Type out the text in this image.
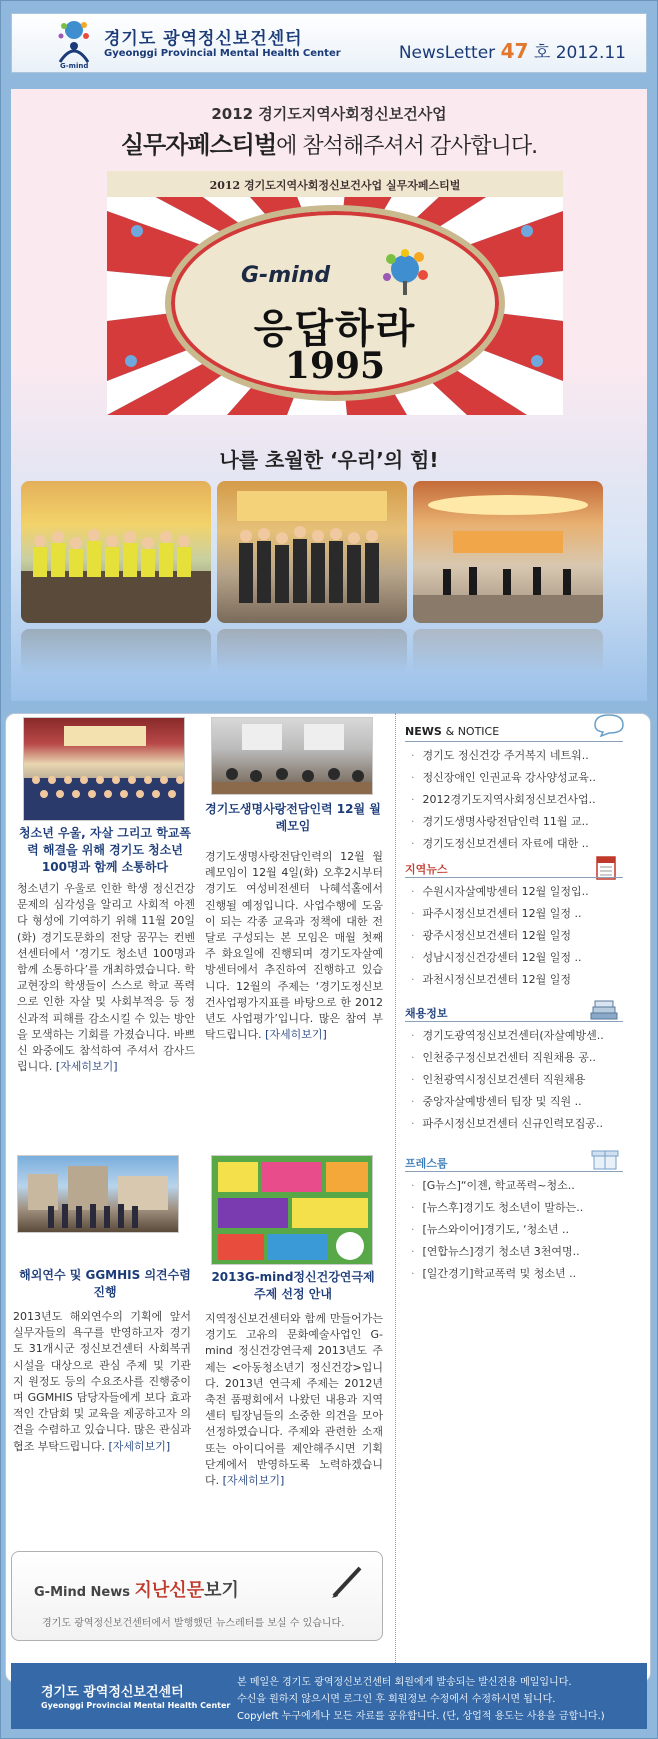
G-mind
경기도 광역정신보건센터
Gyeonggi Provincial Mental Health Center	NewsLetter 47 호 2012.11
2012 경기도지역사회정신보건사업
실무자페스티벌에 참석해주셔서 감사합니다.
2012 경기도지역사회정신보건사업 실무자페스티벌
G-mind
응답하라
1995
나를 초월한 ‘우리’의 힘!
청소년 우울, 자살 그리고 학교폭력 해결을 위해 경기도 청소년 100명과 함께 소통하다
청소년기 우울로 인한 학생 정신건강문제의 심각성을 알리고 사회적 아젠다 형성에 기여하기 위해 11월 20일(화) 경기도문화의 전당 꿈꾸는 컨벤 션센터에서 ‘경기도 청소년 100명과 함께 소통하다’를 개최하였습니다. 학교현장의 학생들이 스스로 학교 폭력으로 인한 자살 및 사회부적응 등 정신과적 피해를 감소시킬 수 있는 방안을 모색하는 기회를 가졌습니다. 바쁘신 와중에도 참석하여 주셔서 감사드립니다. [자세히보기]
경기도생명사랑전담인력 12월 월례모임
경기도생명사랑전담인력의 12월 월례모임이 12월 4일(화) 오후2시부터 경기도 여성비전센터 나혜석홀에서 진행될 예정입니다. 사업수행에 도움 이 되는 각종 교육과 정책에 대한 전달로 구성되는 본 모임은 매월 첫째 주 화요일에 진행되며 경기도자살예방센터에서 추진하여 진행하고 있습니다. 12월의 주제는 ‘경기도정신보건사업평가지표를 바탕으로 한 2012년도 사업평가’입니다. 많은 참여 부탁드립니다. [자세히보기]
해외연수 및 GGMHIS 의견수렴 진행
2013년도 해외연수의 기획에 앞서 실무자들의 욕구를 반영하고자 경기도 31개시군 정신보건센터 사회복귀시설을 대상으로 관심 주제 및 기관 지 원정도 등의 수요조사를 진행중이며 GGMHIS 담당자들에게 보다 효과적인 간담회 및 교육을 제공하고자 의견을 수렴하고 있습니다. 많은 관심과 협조 부탁드립니다. [자세히보기]
2013G-mind정신건강연극제 주제 선정 안내
지역정신보건센터와 함께 만들어가는 경기도 고유의 문화예술사업인 G-mind 정신건강연극제 2013년도 주제는 <아동청소년기 정신건강>입니다. 2013년 연극제 주제는 2012년 축전 품평회에서 나왔던 내용과 지역 센터 팀장님들의 소중한 의견을 모아 선정하였습니다. 주제와 관련한 소재 또는 아이디어를 제안해주시면 기획 단계에서 반영하도록 노력하겠습니다. [자세히보기]
NEWS & NOTICE
· 경기도 정신건강 주거복지 네트워..
· 정신장애인 인권교육 강사양성교육..
· 2012경기도지역사회정신보건사업..
· 경기도생명사랑전담인력 11월 교..
· 경기도정신보건센터 자료에 대한 ..
지역뉴스
· 수원시자살예방센터 12월 일정입..
· 파주시정신보건센터 12월 일정 ..
· 광주시정신보건센터 12월 일정
· 성남시정신건강센터 12월 일정 ..
· 과천시정신보건센터 12월 일정
채용정보
· 경기도광역정신보건센터(자살예방센..
· 인천중구정신보건센터 직원채용 공..
· 인천광역시정신보건센터 직원채용
· 중앙자살예방센터 팀장 및 직원 ..
· 파주시정신보건센터 신규인력모집공..
프레스룸
· [G뉴스]“이젠, 학교폭력~청소..
· [뉴스후]경기도 청소년이 말하는..
· [뉴스와이어]경기도, ‘청소년 ..
· [연합뉴스]경기 청소년 3천여명..
· [일간경기]학교폭력 및 청소년 ..
G-Mind News 지난신문보기
경기도 광역정신보건센터에서 발행했던 뉴스레터를 보실 수 있습니다.
경기도 광역정신보건센터
Gyeonggi Provincial Mental Health Center
본 메일은 경기도 광역정신보건센터 회원에게 발송되는 발신전용 메일입니다.
수신을 원하지 않으시면 로그인 후 회원정보 수정에서 수정하시면 됩니다.
Copyleft 누구에게나 모든 자료를 공유합니다. (단, 상업적 용도는 사용을 금합니다.)
